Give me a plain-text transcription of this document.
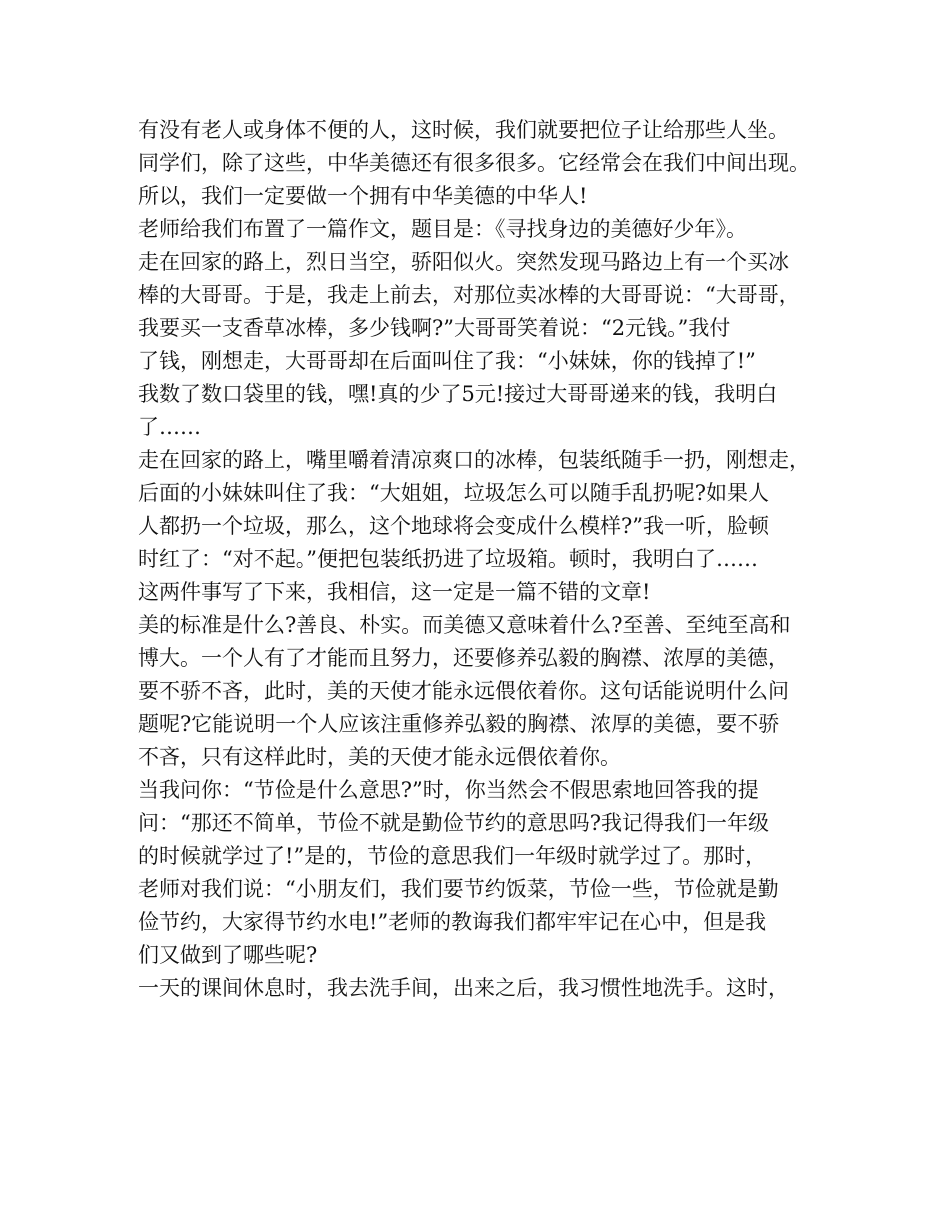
有没有老人或身体不便的人，这时候，我们就要把位子让给那些人坐。
同学们，除了这些，中华美德还有很多很多。它经常会在我们中间出现。
所以，我们一定要做一个拥有中华美德的中华人!
老师给我们布置了一篇作文，题目是：《寻找身边的美德好少年》。
走在回家的路上，烈日当空，骄阳似火。突然发现马路边上有一个买冰
棒的大哥哥。于是，我走上前去，对那位卖冰棒的大哥哥说：“大哥哥，
我要买一支香草冰棒，多少钱啊?”大哥哥笑着说：“2元钱。”我付
了钱，刚想走，大哥哥却在后面叫住了我：“小妹妹，你的钱掉了!”
我数了数口袋里的钱，嘿!真的少了5元!接过大哥哥递来的钱，我明白
了……
走在回家的路上，嘴里嚼着清凉爽口的冰棒，包装纸随手一扔，刚想走，
后面的小妹妹叫住了我：“大姐姐，垃圾怎么可以随手乱扔呢?如果人
人都扔一个垃圾，那么，这个地球将会变成什么模样?”我一听，脸顿
时红了：“对不起。”便把包装纸扔进了垃圾箱。顿时，我明白了……
这两件事写了下来，我相信，这一定是一篇不错的文章!
美的标准是什么?善良、朴实。而美德又意味着什么?至善、至纯至高和
博大。一个人有了才能而且努力，还要修养弘毅的胸襟、浓厚的美德，
要不骄不吝，此时，美的天使才能永远偎依着你。这句话能说明什么问
题呢?它能说明一个人应该注重修养弘毅的胸襟、浓厚的美德，要不骄
不吝，只有这样此时，美的天使才能永远偎依着你。
当我问你：“节俭是什么意思?”时，你当然会不假思索地回答我的提
问：“那还不简单，节俭不就是勤俭节约的意思吗?我记得我们一年级
的时候就学过了!”是的，节俭的意思我们一年级时就学过了。那时，
老师对我们说：“小朋友们，我们要节约饭菜，节俭一些，节俭就是勤
俭节约，大家得节约水电!”老师的教诲我们都牢牢记在心中，但是我
们又做到了哪些呢?
一天的课间休息时，我去洗手间，出来之后，我习惯性地洗手。这时，
